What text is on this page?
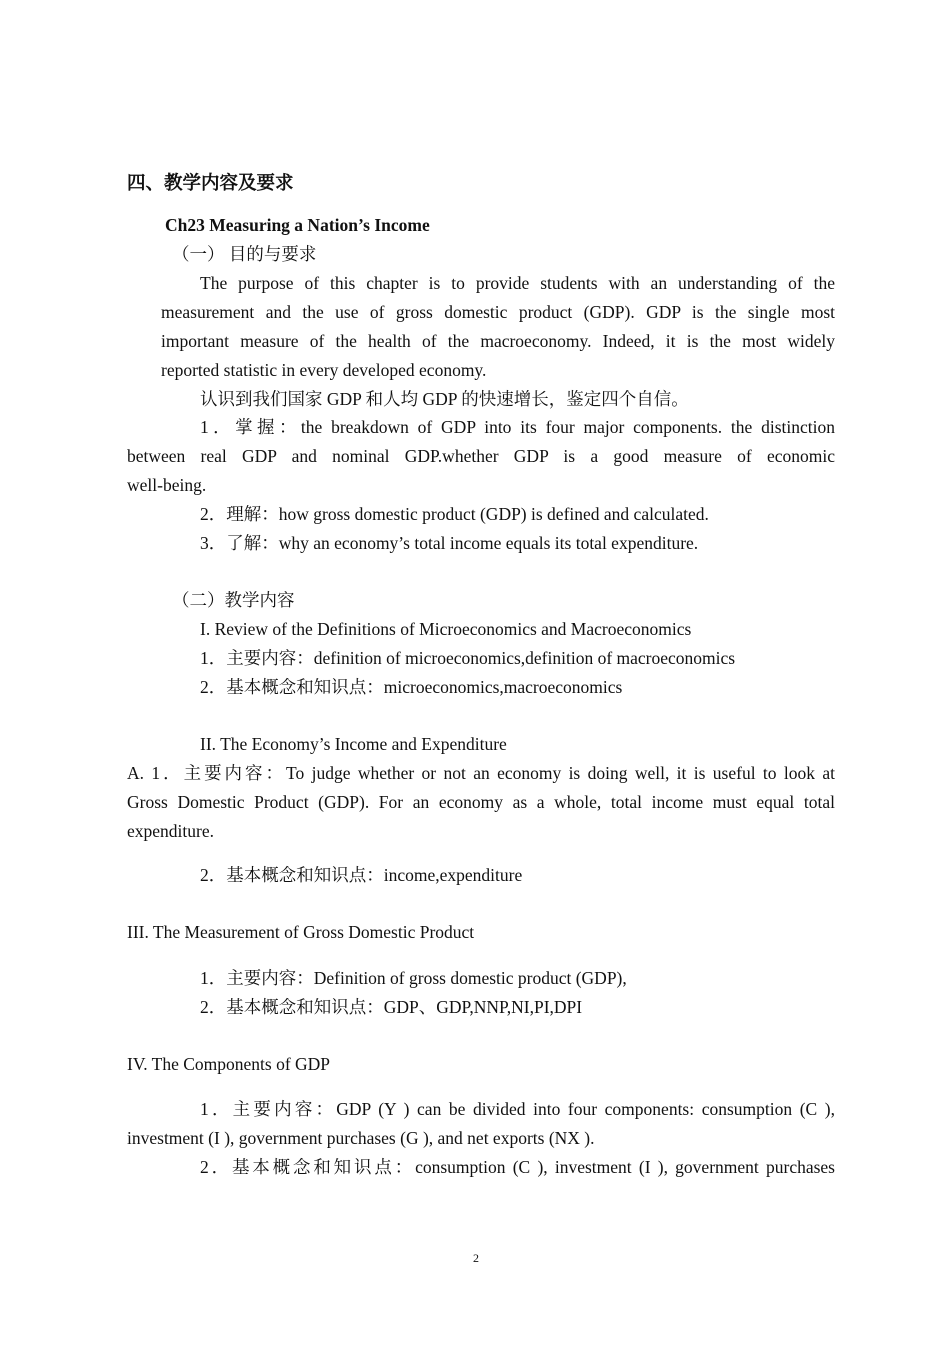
四、教学内容及要求
Ch23 Measuring a Nation’s Income
（一） 目的与要求
The purpose of this chapter is to provide students with an understanding of the
measurement and the use of gross domestic product (GDP). GDP is the single most
important measure of the health of the macroeconomy. Indeed, it is the most widely
reported statistic in every developed economy.
认识到我们国家 GDP 和人均 GDP 的快速增长，鉴定四个自信。
1．掌握：the breakdown of GDP into its four major components. the distinction
between real GDP and nominal GDP.whether GDP is a good measure of economic
well-being.
2．理解：how gross domestic product (GDP) is defined and calculated.
3．了解：why an economy’s total income equals its total expenditure.
（二）教学内容
I. Review of the Definitions of Microeconomics and Macroeconomics
1．主要内容：definition of microeconomics,definition of macroeconomics
2．基本概念和知识点：microeconomics,macroeconomics
II. The Economy’s Income and Expenditure
A. 1．主要内容：To judge whether or not an economy is doing well, it is useful to look at
Gross Domestic Product (GDP). For an economy as a whole, total income must equal total
expenditure.
2．基本概念和知识点：income,expenditure
III. The Measurement of Gross Domestic Product
1．主要内容：Definition of gross domestic product (GDP),
2．基本概念和知识点：GDP、GDP,NNP,NI,PI,DPI
IV. The Components of GDP
1．主要内容：GDP (Y ) can be divided into four components: consumption (C ),
investment (I ), government purchases (G ), and net exports (NX ).
2．基本概念和知识点：consumption (C ), investment (I ), government purchases
2
